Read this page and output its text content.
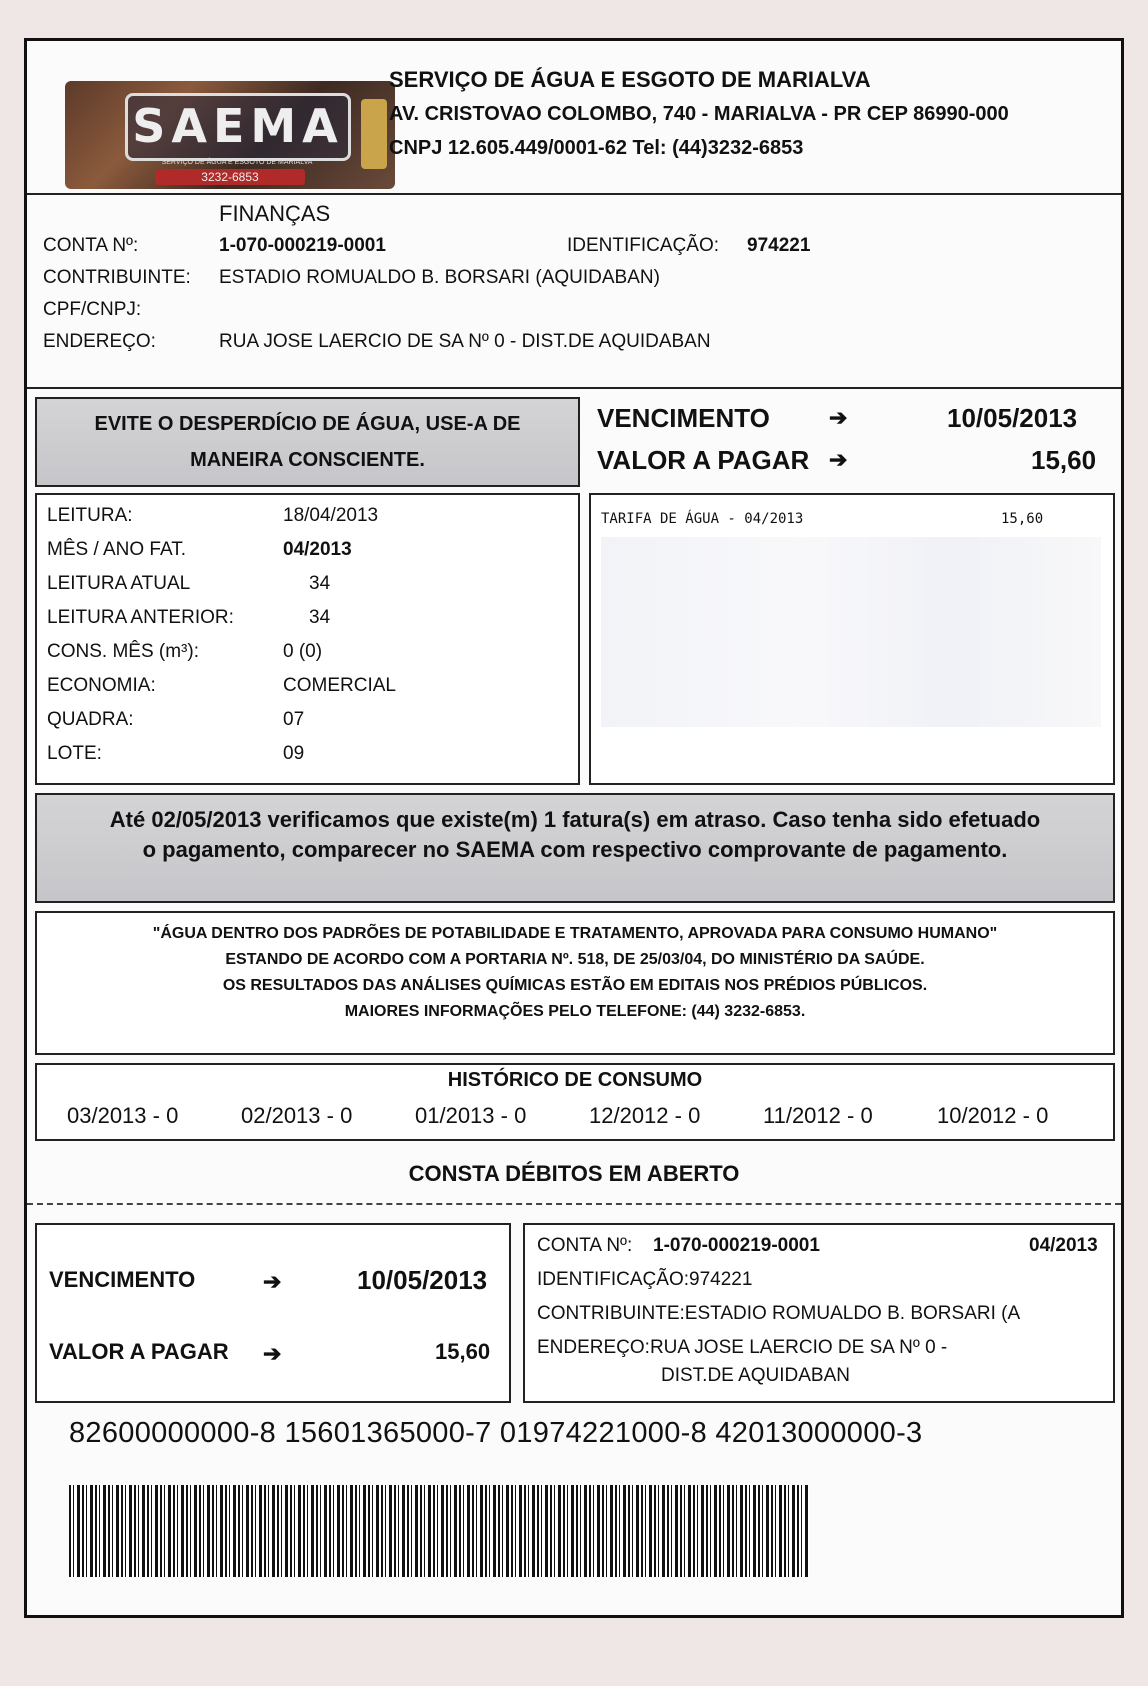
SAEMA
SERVIÇO DE ÁGUA E ESGOTO DE MARIALVA
3232-6853
SERVIÇO DE ÁGUA E ESGOTO DE MARIALVA
AV. CRISTOVAO COLOMBO, 740 - MARIALVA - PR CEP 86990-000
CNPJ 12.605.449/0001-62 Tel: (44)3232-6853
FINANÇAS
CONTA Nº:	1-070-000219-0001	IDENTIFICAÇÃO: 974221
CONTRIBUINTE: ESTADIO ROMUALDO B. BORSARI (AQUIDABAN)
CPF/CNPJ:
ENDEREÇO:	RUA JOSE LAERCIO DE SA Nº 0 - DIST.DE AQUIDABAN
EVITE O DESPERDÍCIO DE ÁGUA, USE-A DE
MANEIRA CONSCIENTE.
VENCIMENTO	➔	10/05/2013
VALOR A PAGAR ➔	15,60
LEITURA:	18/04/2013
MÊS / ANO FAT.	04/2013
LEITURA ATUAL	34
LEITURA ANTERIOR:	34
CONS. MÊS (m³):	0 (0)
ECONOMIA:	COMERCIAL
QUADRA:	07
LOTE:	09
TARIFA DE ÁGUA - 04/2013	15,60
Até 02/05/2013 verificamos que existe(m) 1 fatura(s) em atraso. Caso tenha sido efetuado
o pagamento, comparecer no SAEMA com respectivo comprovante de pagamento.
"ÁGUA DENTRO DOS PADRÕES DE POTABILIDADE E TRATAMENTO, APROVADA PARA CONSUMO HUMANO"
ESTANDO DE ACORDO COM A PORTARIA Nº. 518, DE 25/03/04, DO MINISTÉRIO DA SAÚDE.
OS RESULTADOS DAS ANÁLISES QUÍMICAS ESTÃO EM EDITAIS NOS PRÉDIOS PÚBLICOS.
MAIORES INFORMAÇÕES PELO TELEFONE: (44) 3232-6853.
HISTÓRICO DE CONSUMO
03/2013 - 0	02/2013 - 0	01/2013 - 0	12/2012 - 0	11/2012 - 0	10/2012 - 0
CONSTA DÉBITOS EM ABERTO
VENCIMENTO	➔	10/05/2013
VALOR A PAGAR ➔	15,60
CONTA Nº: 1-070-000219-0001	04/2013
IDENTIFICAÇÃO:974221
CONTRIBUINTE:ESTADIO ROMUALDO B. BORSARI (A
ENDEREÇO:RUA JOSE LAERCIO DE SA Nº 0 -
DIST.DE AQUIDABAN
82600000000-8 15601365000-7 01974221000-8 42013000000-3
